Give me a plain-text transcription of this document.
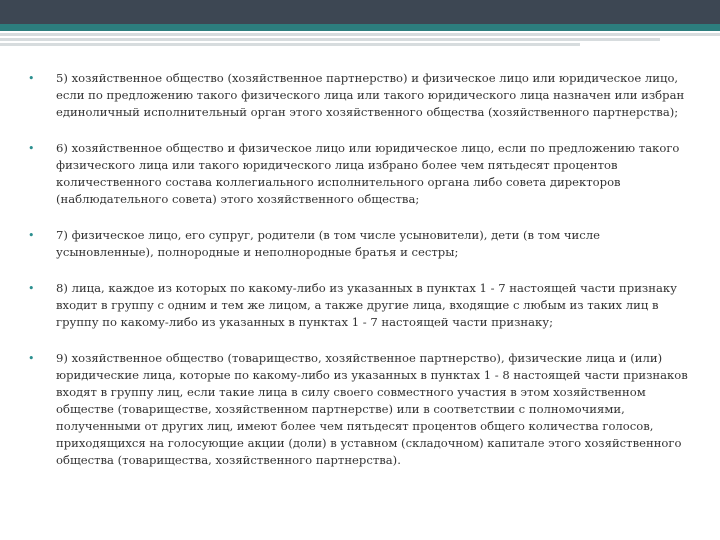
• 5) хозяйственное общество (хозяйственное партнерство) и физическое лицо или юридическое лицо, если по предложению такого физического лица или такого юридического лица назначен или избран единоличный исполнительный орган этого хозяйственного общества (хозяйственного партнерства);
• 6) хозяйственное общество и физическое лицо или юридическое лицо, если по предложению такого физического лица или такого юридического лица избрано более чем пятьдесят процентов количественного состава коллегиального исполнительного органа либо совета директоров (наблюдательного совета) этого хозяйственного общества;
• 7) физическое лицо, его супруг, родители (в том числе усыновители), дети (в том числе усыновленные), полнородные и неполнородные братья и сестры;
• 8) лица, каждое из которых по какому-либо из указанных в пунктах 1 - 7 настоящей части признаку входит в группу с одним и тем же лицом, а также другие лица, входящие с любым из таких лиц в группу по какому-либо из указанных в пунктах 1 - 7 настоящей части признаку;
• 9) хозяйственное общество (товарищество, хозяйственное партнерство), физические лица и (или) юридические лица, которые по какому-либо из указанных в пунктах 1 - 8 настоящей части признаков входят в группу лиц, если такие лица в силу своего совместного участия в этом хозяйственном обществе (товариществе, хозяйственном партнерстве) или в соответствии с полномочиями, полученными от других лиц, имеют более чем пятьдесят процентов общего количества голосов, приходящихся на голосующие акции (доли) в уставном (складочном) капитале этого хозяйственного общества (товарищества, хозяйственного партнерства).
